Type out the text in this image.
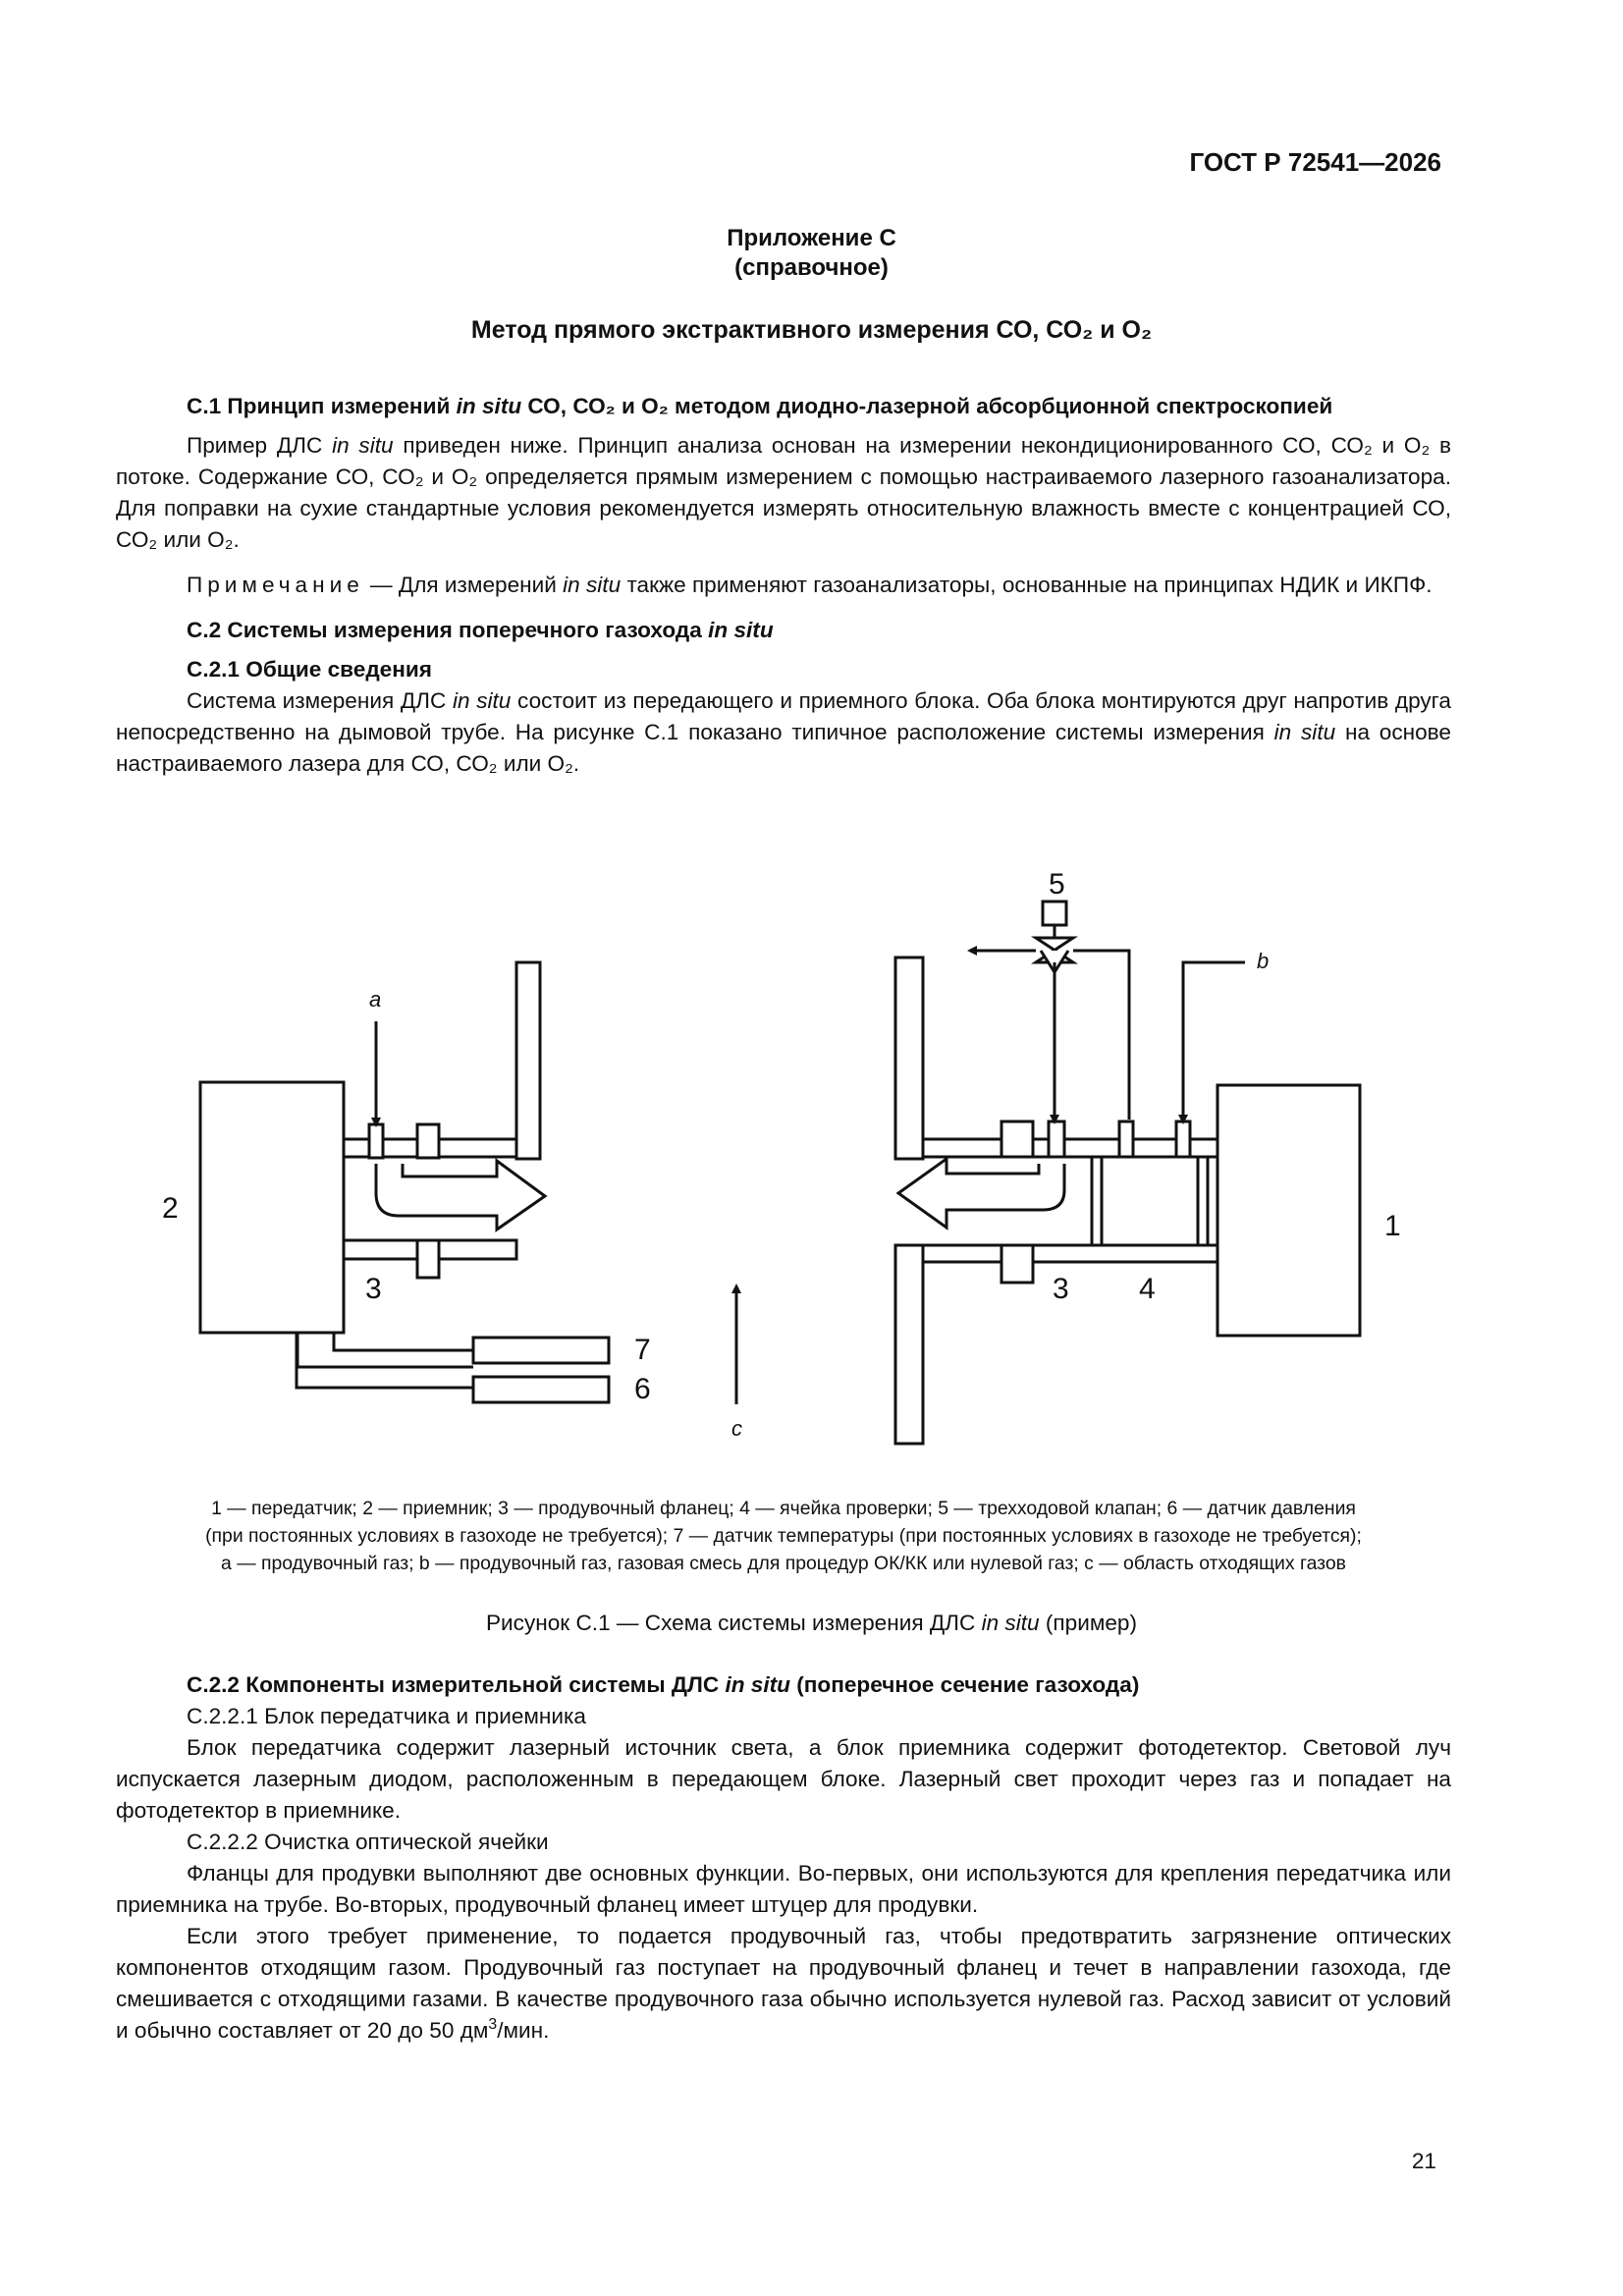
ГОСТ Р 72541—2026
Приложение С
(справочное)
Метод прямого экстрактивного измерения СО, СО₂ и О₂
С.1 Принцип измерений in situ СО, СО₂ и О₂ методом диодно-лазерной абсорбционной спектроскопией

Пример ДЛС in situ приведен ниже. Принцип анализа основан на измерении некондиционированного СО, СО₂ и О₂ в потоке. Содержание СО, СО₂ и О₂ определяется прямым измерением с помощью настраиваемого лазерного газоанализатора. Для поправки на сухие стандартные условия рекомендуется измерять относительную влажность вместе с концентрацией СО, СО₂ или О₂.

Примечание — Для измерений in situ также применяют газоанализаторы, основанные на принципах НДИК и ИКПФ.

С.2 Системы измерения поперечного газохода in situ
С.2.1 Общие сведения

Система измерения ДЛС in situ состоит из передающего и приемного блока. Оба блока монтируются друг напротив друга непосредственно на дымовой трубе. На рисунке С.1 показано типичное расположение системы измерения in situ на основе настраиваемого лазера для СО, СО₂ или О₂.

1
2
3	3 4
5
7
6
a
b
c
1 — передатчик; 2 — приемник; 3 — продувочный фланец; 4 — ячейка проверки; 5 — трехходовой клапан; 6 — датчик давления
(при постоянных условиях в газоходе не требуется); 7 — датчик температуры (при постоянных условиях в газоходе не требуется);
a — продувочный газ; b — продувочный газ, газовая смесь для процедур ОК/КК или нулевой газ; c — область отходящих газов
Рисунок С.1 — Схема системы измерения ДЛС in situ (пример)
С.2.2 Компоненты измерительной системы ДЛС in situ (поперечное сечение газохода)
С.2.2.1 Блок передатчика и приемника

Блок передатчика содержит лазерный источник света, а блок приемника содержит фотодетектор. Световой луч испускается лазерным диодом, расположенным в передающем блоке. Лазерный свет проходит через газ и попадает на фотодетектор в приемнике.

С.2.2.2 Очистка оптической ячейки

Фланцы для продувки выполняют две основных функции. Во-первых, они используются для крепления передатчика или приемника на трубе. Во-вторых, продувочный фланец имеет штуцер для продувки.

Если этого требует применение, то подается продувочный газ, чтобы предотвратить загрязнение оптических компонентов отходящим газом. Продувочный газ поступает на продувочный фланец и течет в направлении газохода, где смешивается с отходящими газами. В качестве продувочного газа обычно используется нулевой газ. Расход зависит от условий и обычно составляет от 20 до 50 $дм^3$/мин.

21
